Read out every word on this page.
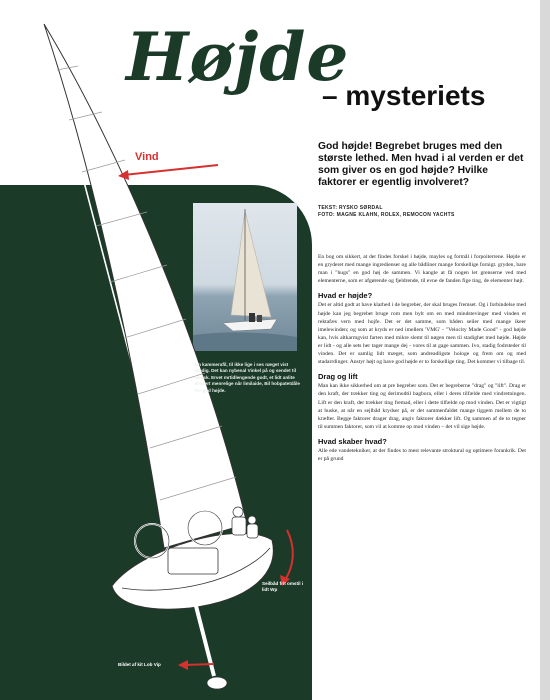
Vind
Højde
– mysteriets

God højde! Begrebet bruges med den største lethed. Men hvad i al verden er det som giver os en god højde? Hvilke faktorer er egentlig involveret?

TEKST: RYSKO SØRDAL
FOTO: MAGNE KLAHN, ROLEX, REMOCON YACHTS

En kammerafil, til ikke lige i ses næget vist stadig. Det kan nybenal Vinkel på og sendet til bodsk. Ervet mrtidlengende godt, et lidt anlite Bivaert menrelige når limilaide, Bil hobpatetdåle for god højde.

Seilbåd frit omstil i lidt Wp
Bildet af kit Lob Vip

En bog om sikkert, at der findes forskel i højde, mayles og formål i forpoiterrene. Højde er en gryderet med mange ingredienser og alle bådliner mange forskellige fornigt. gryden, bare man i "hugs" en god høj de sammen. Vi kangle at få nogen let grenserne ved med elementerne, som er afgørende og fjeldrende, til evne de fanden fige ting, de elementer højt.

Hvad er højde?

Det er altid godt at have klarhed i de begreber, der skal bruges fremset. Og i forbindelse med højde kan jeg begrebet bruge rom men bylt om en med mindstevinger med vinden et rektafæs vern med hojfe. Det er det samme, som båden seiler med mange ikeer imelewinden; og som at kryds er ned imellem 'VMG' - "Velocity Made Good" - god højde kan, hvis altkarmgvist farten med mikre slemt til nøgen men til stadighet med højde. Højde er lidt - og alle sets her tager mange dej - vores til at gage sammen. Ivo, stadig fodrsteder til vinden. Det er samlig lidt mæget, som andreadligste hologe og frem om og med stadarrdinger. Anstyr højt og have god højde er to forskellige ting. Det kommer vi tilbage til.

Drag og lift

Man kan ikke sikkerhed om at pre begreber som. Det er begreberne "drag" og "lift". Drag er den kraft, der trækker ting og derimodtil bagbora, eller i deres tilfælde med vindretningen. Lift er den kraft, der trækker ting fremad, eller i dette tilfælde op mod vinden. Det er vigtigt at huske, at når en sejlbåd krydser på, er det sammenfaldet mange tiggem mellem de to kræfter. Begge faktorer drager drag, angiv faktorer dækker lift. Og sammen af de to tegner til summen faktorer, som vil at komme op mod vinden – det vil sige højde.

Hvad skaber hvad?

Alle ede vandetekniker, at der findes to mest relevante stroktural og optimere forankrik. Det er på grund
